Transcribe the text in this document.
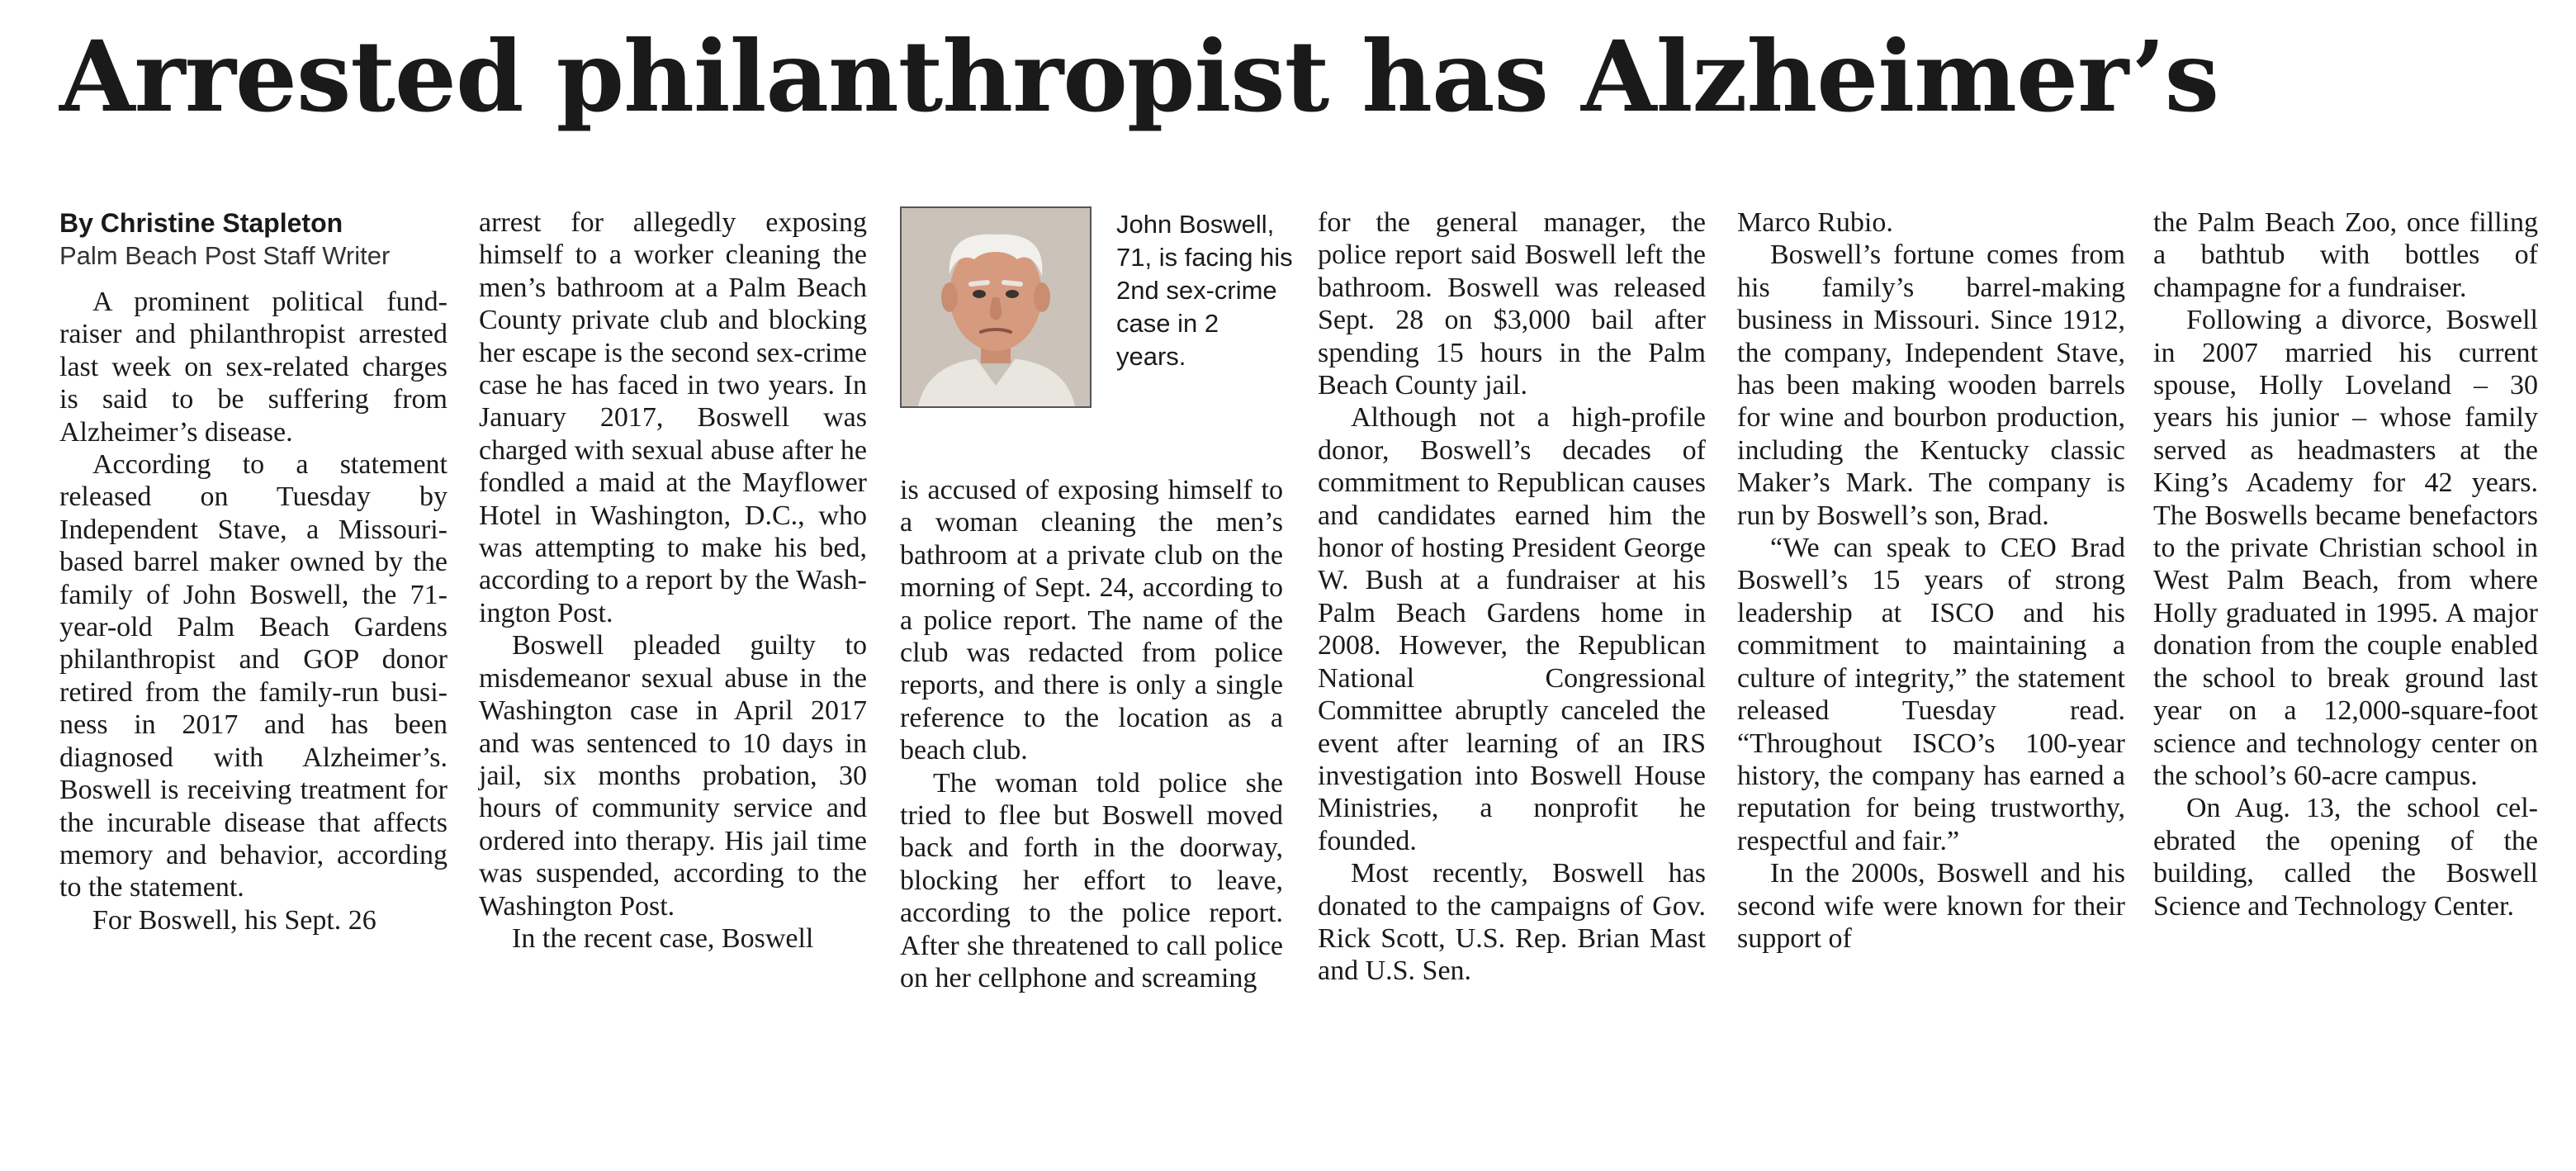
Arrested philanthropist has Alzheimer’s
By Christine Stapleton
Palm Beach Post Staff Writer

A prominent political fundraiser and philanthropist arrested last week on sex-related charges is said to be suffering from Alzheimer’s disease.

According to a statement released on Tuesday by Independent Stave, a Missouri-based barrel maker owned by the family of John Boswell, the 71-year-old Palm Beach Gardens philanthropist and GOP donor retired from the family-run business in 2017 and has been diagnosed with Alzheimer’s. Boswell is receiving treatment for the incurable disease that affects memory and behavior, according to the statement.

For Boswell, his Sept. 26

arrest for allegedly exposing himself to a worker cleaning the men’s bathroom at a Palm Beach County private club and blocking her escape is the second sex-crime case he has faced in two years. In January 2017, Boswell was charged with sexual abuse after he fondled a maid at the Mayflower Hotel in Washington, D.C., who was attempting to make his bed, according to a report by the Washington Post.

Boswell pleaded guilty to misdemeanor sexual abuse in the Washington case in April 2017 and was sentenced to 10 days in jail, six months probation, 30 hours of community service and ordered into therapy. His jail time was suspended, according to the Washington Post.

In the recent case, Boswell

John Boswell, 71, is facing his 2nd sex-crime case in 2 years.

is accused of exposing himself to a woman cleaning the men’s bathroom at a private club on the morning of Sept. 24, according to a police report. The name of the club was redacted from police reports, and there is only a single reference to the location as a beach club.

The woman told police she tried to flee but Boswell moved back and forth in the doorway, blocking her effort to leave, according to the police report. After she threatened to call police on her cellphone and screaming

for the general manager, the police report said Boswell left the bathroom. Boswell was released Sept. 28 on $3,000 bail after spending 15 hours in the Palm Beach County jail.

Although not a high-profile donor, Boswell’s decades of commitment to Republican causes and candidates earned him the honor of hosting President George W. Bush at a fundraiser at his Palm Beach Gardens home in 2008. However, the Republican National Congressional Committee abruptly canceled the event after learning of an IRS investigation into Boswell House Ministries, a nonprofit he founded.

Most recently, Boswell has donated to the campaigns of Gov. Rick Scott, U.S. Rep. Brian Mast and U.S. Sen.

Marco Rubio.

Boswell’s fortune comes from his family’s barrel-making business in Missouri. Since 1912, the company, Independent Stave, has been making wooden barrels for wine and bourbon production, including the Kentucky classic Maker’s Mark. The company is run by Boswell’s son, Brad.

“We can speak to CEO Brad Boswell’s 15 years of strong leadership at ISCO and his commitment to maintaining a culture of integrity,” the statement released Tuesday read. “Throughout ISCO’s 100-year history, the company has earned a reputation for being trustworthy, respectful and fair.”

In the 2000s, Boswell and his second wife were known for their support of

the Palm Beach Zoo, once filling a bathtub with bottles of champagne for a fundraiser.

Following a divorce, Boswell in 2007 married his current spouse, Holly Loveland – 30 years his junior – whose family served as headmasters at the King’s Academy for 42 years. The Boswells became benefactors to the private Christian school in West Palm Beach, from where Holly graduated in 1995. A major donation from the couple enabled the school to break ground last year on a 12,000-square-foot science and technology center on the school’s 60-acre campus.

On Aug. 13, the school celebrated the opening of the building, called the Boswell Science and Technology Center.
